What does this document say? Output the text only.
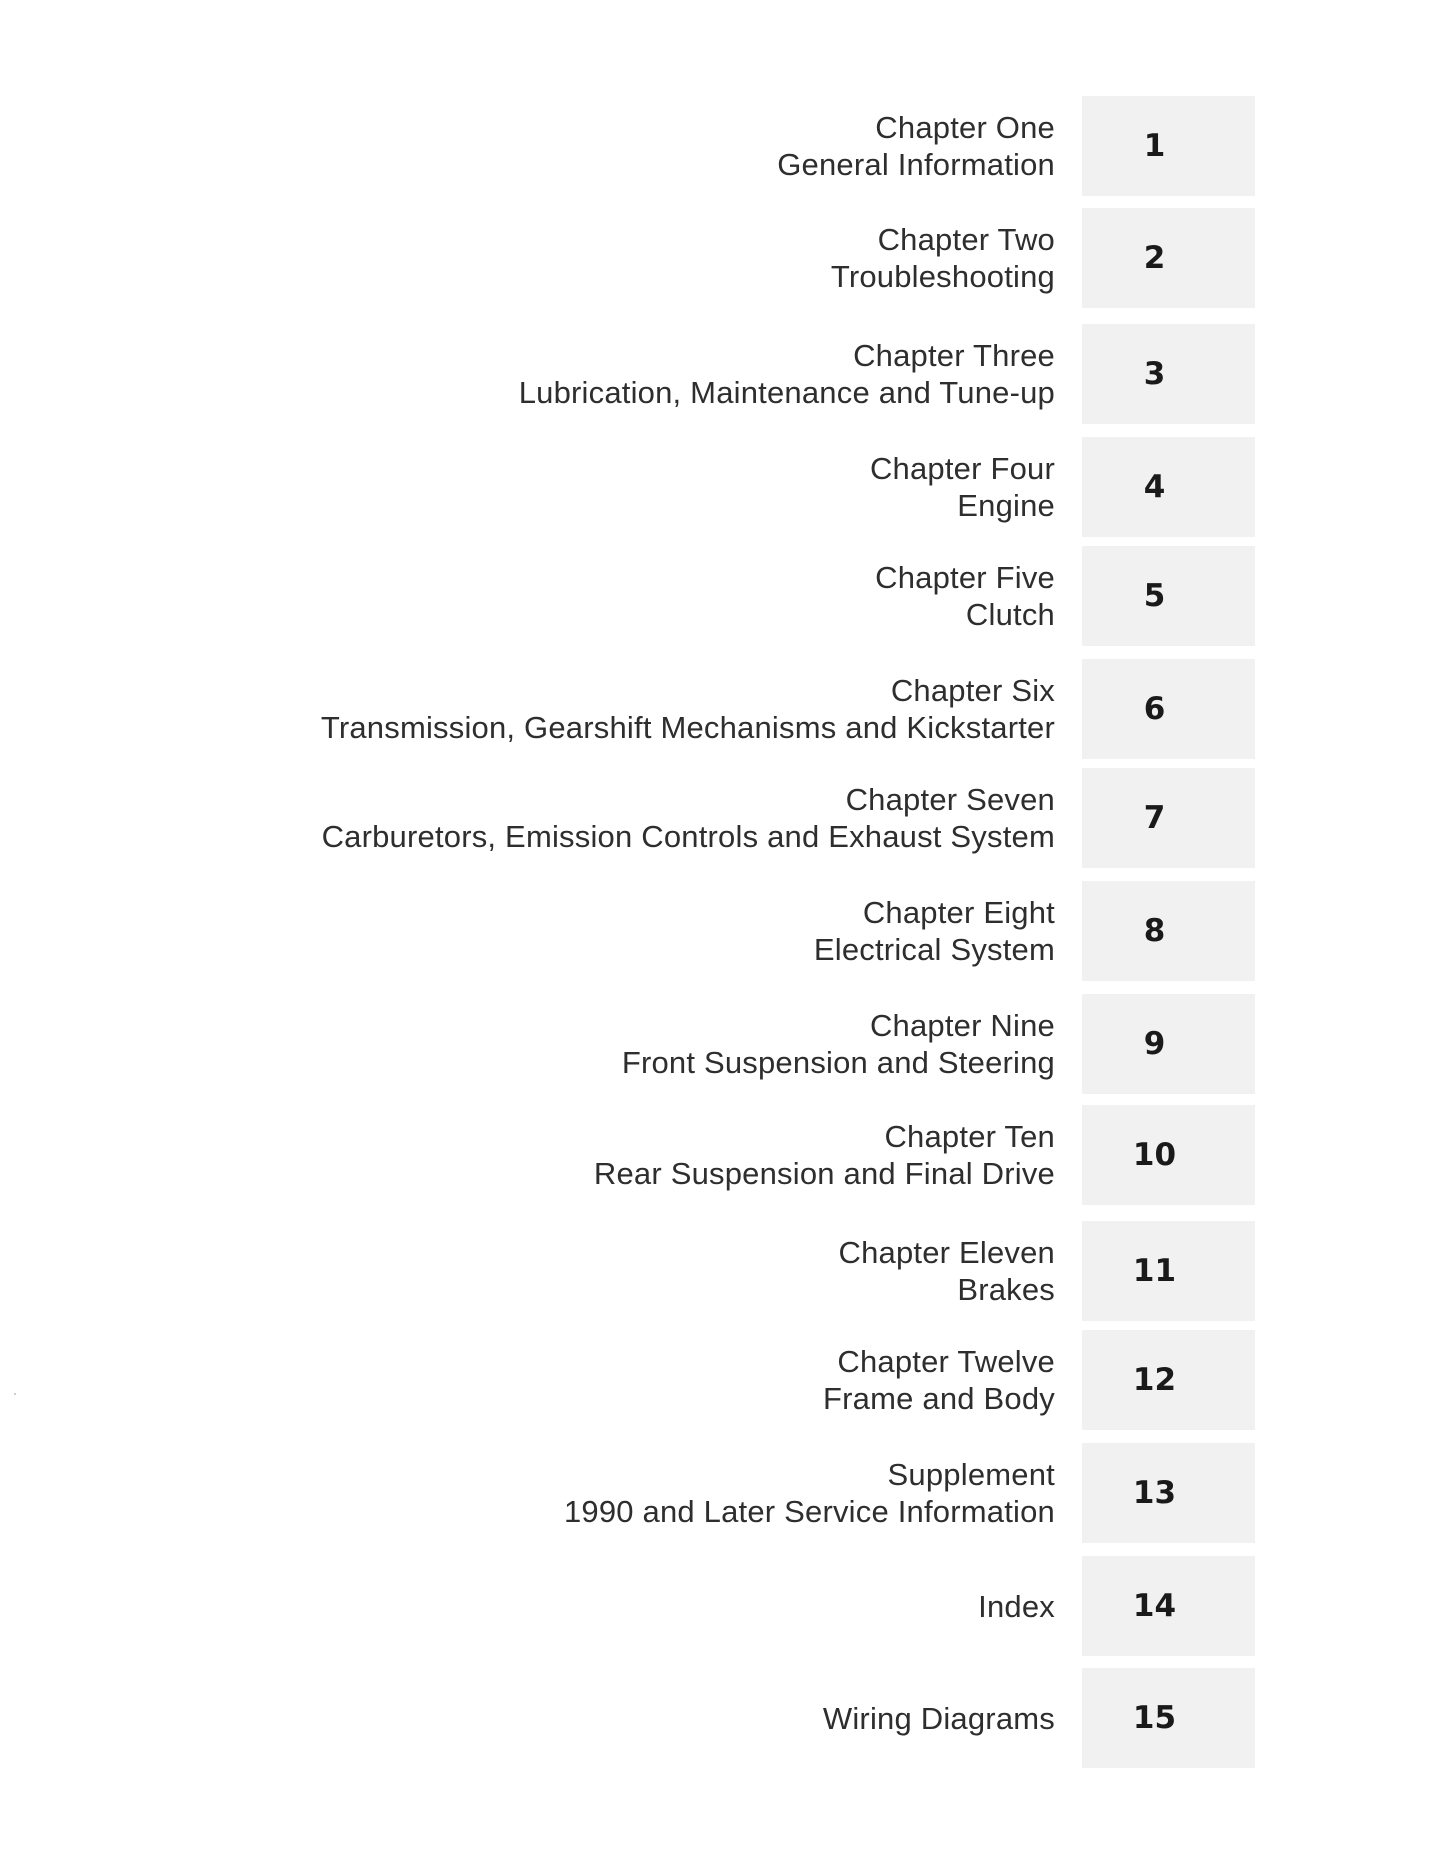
Chapter One
General Information
1
Chapter Two
Troubleshooting
2
Chapter Three
Lubrication, Maintenance and Tune-up
3
Chapter Four
Engine
4
Chapter Five
Clutch
5
Chapter Six
Transmission, Gearshift Mechanisms and Kickstarter
6
Chapter Seven
Carburetors, Emission Controls and Exhaust System
7
Chapter Eight
Electrical System
8
Chapter Nine
Front Suspension and Steering
9
Chapter Ten
Rear Suspension and Final Drive
10
Chapter Eleven
Brakes
11
Chapter Twelve
Frame and Body
12
Supplement
1990 and Later Service Information
13
Index	14
Wiring Diagrams	15
